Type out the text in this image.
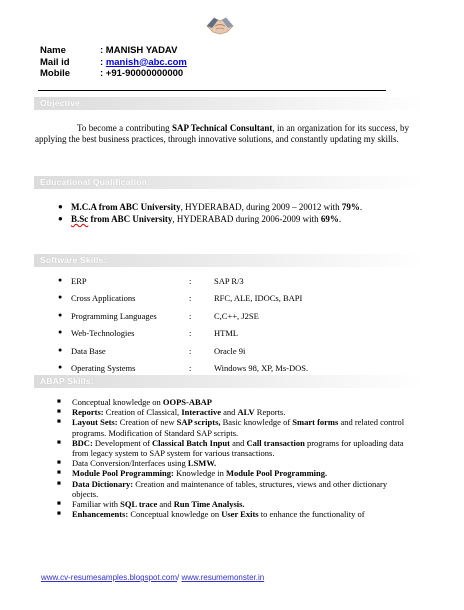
Name	: MANISH YADAV
Mail id	: manish@abc.com
Mobile	: +91-90000000000
Objective:

To become a contributing SAP Technical Consultant, in an organization for its success, by applying the best business practices, through innovative solutions, and constantly updating my skills.

Educational Qualification:
● M.C.A from ABC University, HYDERABAD, during 2009 – 20012 with 79%.
● B.Sc from ABC University, HYDERABAD during 2006-2009 with 69%.
Software Skills:
● ERP	:	SAP R/3
● Cross Applications	:	RFC, ALE, IDOCs, BAPI
● Programming Languages	:	C,C++, J2SE
● Web-Technologies	:	HTML
● Data Base	:	Oracle 9i
● Operating Systems	:	Windows 98, XP, Ms-DOS.
ABAP Skills:
■ Conceptual knowledge on OOPS-ABAP
■ Reports: Creation of Classical, Interactive and ALV Reports.
■ Layout Sets: Creation of new SAP scripts, Basic knowledge of Smart forms and related control programs. Modification of Standard SAP scripts.
■ BDC: Development of Classical Batch Input and Call transaction programs for uploading data from legacy system to SAP system for various transactions.
■ Data Conversion/Interfaces using LSMW.
■ Module Pool Programming: Knowledge in Module Pool Programming.
■ Data Dictionary: Creation and maintenance of tables, structures, views and other dictionary objects.
■ Familiar with SQL trace and Run Time Analysis.
■ Enhancements: Conceptual knowledge on User Exits to enhance the functionality of
www.cv-resumesamples.blogspot.com/ www.resumemonster.in
